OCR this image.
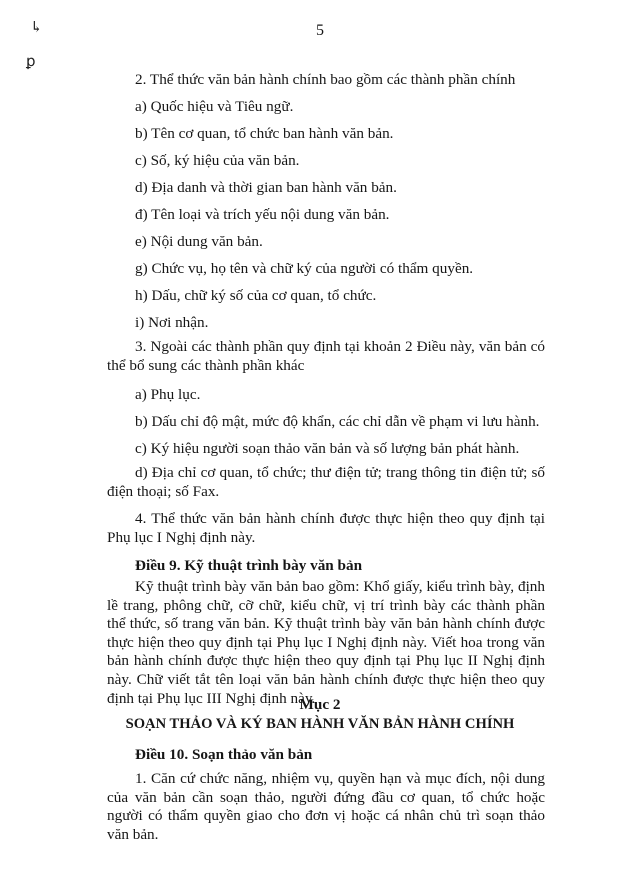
↳
ꝑ
5
2. Thể thức văn bản hành chính bao gồm các thành phần chính
a) Quốc hiệu và Tiêu ngữ.
b) Tên cơ quan, tổ chức ban hành văn bản.
c) Số, ký hiệu của văn bản.
d) Địa danh và thời gian ban hành văn bản.
đ) Tên loại và trích yếu nội dung văn bản.
e) Nội dung văn bản.
g) Chức vụ, họ tên và chữ ký của người có thẩm quyền.
h) Dấu, chữ ký số của cơ quan, tổ chức.
i) Nơi nhận.
3. Ngoài các thành phần quy định tại khoản 2 Điều này, văn bản có thể bổ sung các thành phần khác
a) Phụ lục.
b) Dấu chỉ độ mật, mức độ khẩn, các chỉ dẫn về phạm vi lưu hành.
c) Ký hiệu người soạn thảo văn bản và số lượng bản phát hành.
d) Địa chỉ cơ quan, tổ chức; thư điện tử; trang thông tin điện tử; số điện thoại; số Fax.
4. Thể thức văn bản hành chính được thực hiện theo quy định tại Phụ lục I Nghị định này.
Điều 9. Kỹ thuật trình bày văn bản
Kỹ thuật trình bày văn bản bao gồm: Khổ giấy, kiểu trình bày, định lề trang, phông chữ, cỡ chữ, kiểu chữ, vị trí trình bày các thành phần thể thức, số trang văn bản. Kỹ thuật trình bày văn bản hành chính được thực hiện theo quy định tại Phụ lục I Nghị định này. Viết hoa trong văn bản hành chính được thực hiện theo quy định tại Phụ lục II Nghị định này. Chữ viết tắt tên loại văn bản hành chính được thực hiện theo quy định tại Phụ lục III Nghị định này.
Mục 2
SOẠN THẢO VÀ KÝ BAN HÀNH VĂN BẢN HÀNH CHÍNH
Điều 10. Soạn thảo văn bản
1. Căn cứ chức năng, nhiệm vụ, quyền hạn và mục đích, nội dung của văn bản cần soạn thảo, người đứng đầu cơ quan, tổ chức hoặc người có thẩm quyền giao cho đơn vị hoặc cá nhân chủ trì soạn thảo văn bản.
